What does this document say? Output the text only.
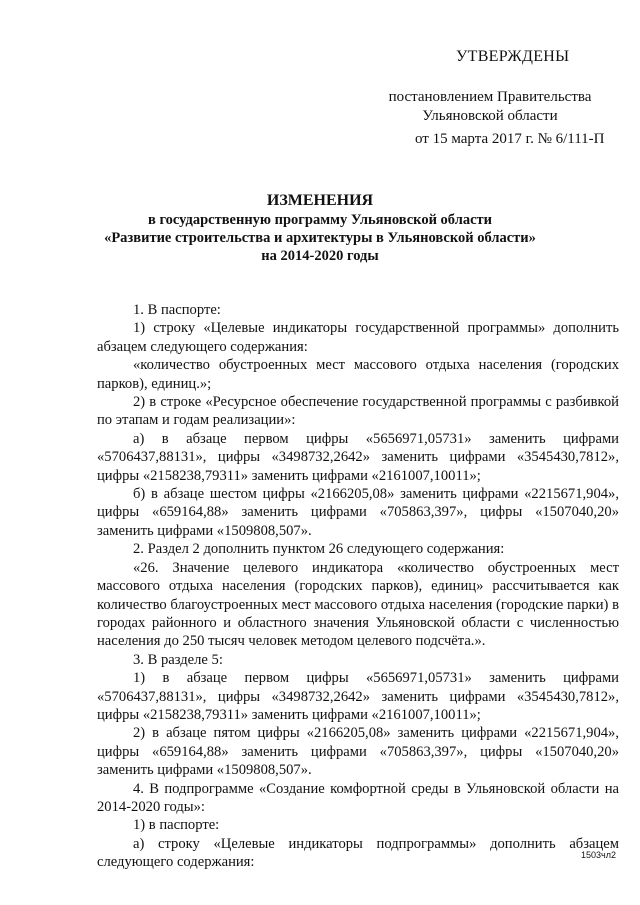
УТВЕРЖДЕНЫ
постановлением Правительства
Ульяновской области
от 15 марта 2017 г. № 6/111-П
ИЗМЕНЕНИЯ
в государственную программу Ульяновской области
«Развитие строительства и архитектуры в Ульяновской области»
на 2014-2020 годы

1. В паспорте:

1) строку «Целевые индикаторы государственной программы» дополнить абзацем следующего содержания:

«количество обустроенных мест массового отдыха населения (городских парков), единиц.»;

2) в строке «Ресурсное обеспечение государственной программы с разбивкой по этапам и годам реализации»:

а) в абзаце первом цифры «5656971,05731» заменить цифрами «5706437,88131», цифры «3498732,2642» заменить цифрами «3545430,7812», цифры «2158238,79311» заменить цифрами «2161007,10011»;

б) в абзаце шестом цифры «2166205,08» заменить цифрами «2215671,904», цифры «659164,88» заменить цифрами «705863,397», цифры «1507040,20» заменить цифрами «1509808,507».

2. Раздел 2 дополнить пунктом 26 следующего содержания:

«26. Значение целевого индикатора «количество обустроенных мест массового отдыха населения (городских парков), единиц» рассчитывается как количество благоустроенных мест массового отдыха населения (городские парки) в городах районного и областного значения Ульяновской области с численностью населения до 250 тысяч человек методом целевого подсчёта.».

3. В разделе 5:

1) в абзаце первом цифры «5656971,05731» заменить цифрами «5706437,88131», цифры «3498732,2642» заменить цифрами «3545430,7812», цифры «2158238,79311» заменить цифрами «2161007,10011»;

2) в абзаце пятом цифры «2166205,08» заменить цифрами «2215671,904», цифры «659164,88» заменить цифрами «705863,397», цифры «1507040,20» заменить цифрами «1509808,507».

4. В подпрограмме «Создание комфортной среды в Ульяновской области на 2014-2020 годы»:

1) в паспорте:

а) строку «Целевые индикаторы подпрограммы» дополнить абзацем следующего содержания:	1503чл2
